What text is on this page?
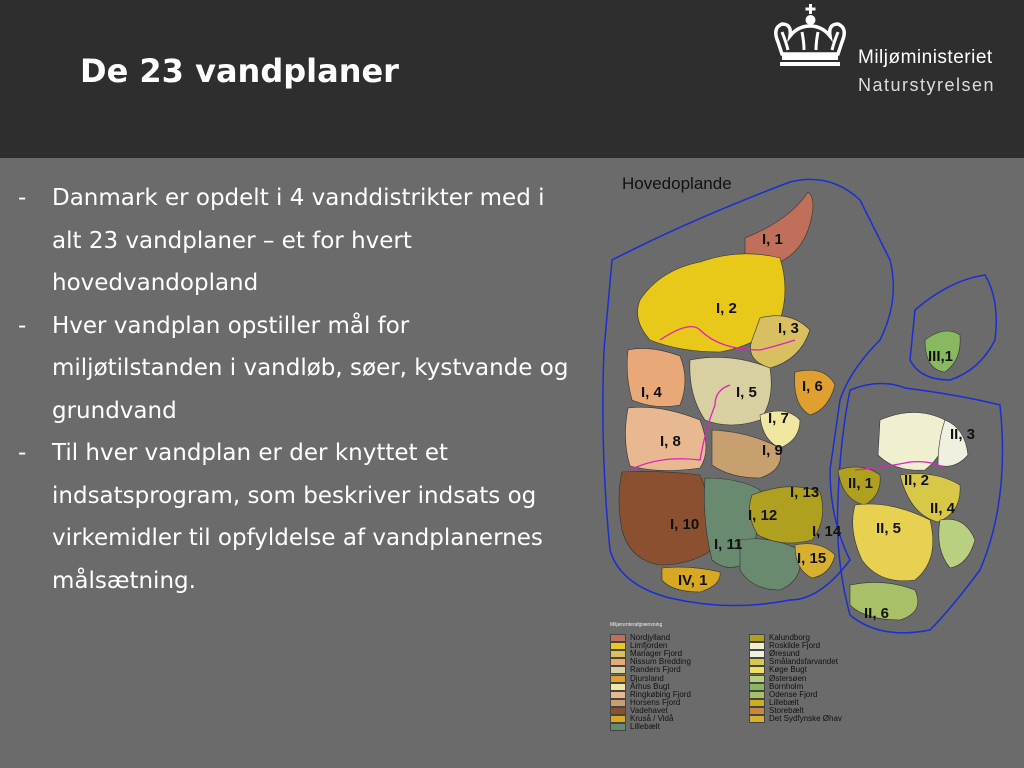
De 23 vandplaner	Miljøministeriet
Naturstyrelsen
- Danmark er opdelt i 4 vanddistrikter med i alt 23 vandplaner – et for hvert hovedvandopland
- Hver vandplan opstiller mål for miljøtilstanden i vandløb, søer, kystvande og grundvand
- Til hver vandplan er der knyttet et indsatsprogram, som beskriver indsats og virkemidler til opfyldelse af vandplanernes målsætning.
Hovedoplande
I, 1
I, 2
I, 3
I, 4	I, 5	I, 6
I, 7
I, 8
I, 9
I, 10
I, 11
I, 12
I, 13
I, 14
I, 15
II, 1 II, 2
II, 3
II, 4
II, 5
II, 6
III,1
IV, 1
Miljøcenterafgrænsning
Nordjylland
Limfjorden
Mariager Fjord
Nissum Bredding
Randers Fjord
Djursland
Århus Bugt
Ringkøbing Fjord
Horsens Fjord
Vadehavet
Kruså / Vidå
Lillebælt
Kalundborg
Roskilde Fjord
Øresund
Smålandsfarvandet
Køge Bugt
Østersøen
Bornholm
Odense Fjord
Lillebælt
Storebælt
Det Sydfynske Øhav
